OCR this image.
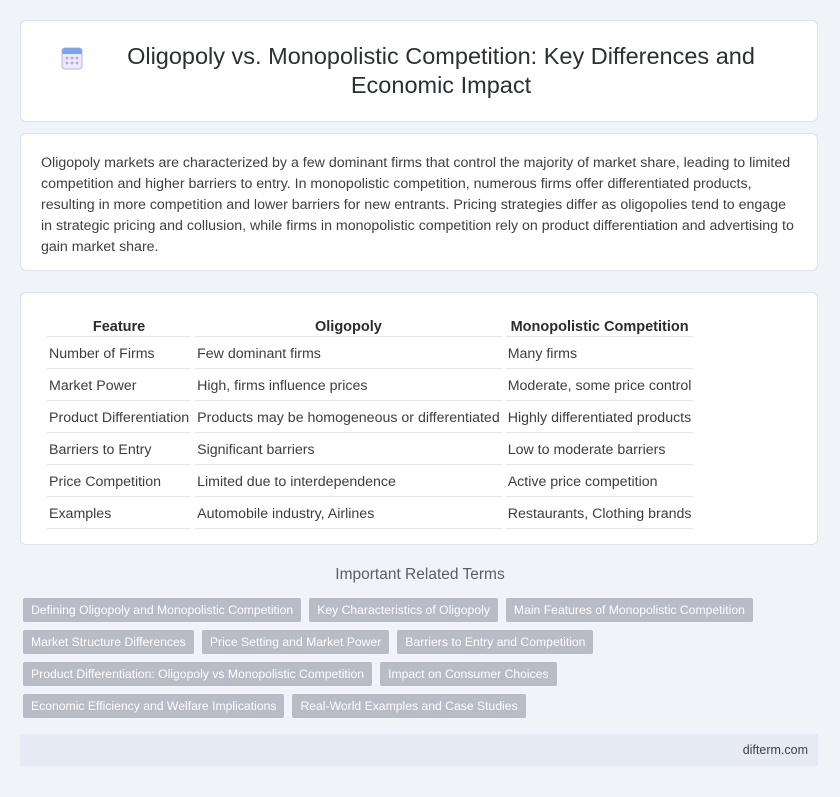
Oligopoly vs. Monopolistic Competition: Key Differences and Economic Impact

Oligopoly markets are characterized by a few dominant firms that control the majority of market share, leading to limited competition and higher barriers to entry. In monopolistic competition, numerous firms offer differentiated products, resulting in more competition and lower barriers for new entrants. Pricing strategies differ as oligopolies tend to engage in strategic pricing and collusion, while firms in monopolistic competition rely on product differentiation and advertising to gain market share.

Feature	Oligopoly	Monopolistic Competition
Number of Firms	Few dominant firms	Many firms
Market Power	High, firms influence prices	Moderate, some price control
Product Differentiation	Products may be homogeneous or differentiated	Highly differentiated products
Barriers to Entry	Significant barriers	Low to moderate barriers
Price Competition	Limited due to interdependence	Active price competition
Examples	Automobile industry, Airlines	Restaurants, Clothing brands
Important Related Terms
Defining Oligopoly and Monopolistic Competition	Key Characteristics of Oligopoly	Main Features of Monopolistic Competition
Market Structure Differences	Price Setting and Market Power	Barriers to Entry and Competition
Product Differentiation: Oligopoly vs Monopolistic Competition	Impact on Consumer Choices
Economic Efficiency and Welfare Implications	Real-World Examples and Case Studies
difterm.com
